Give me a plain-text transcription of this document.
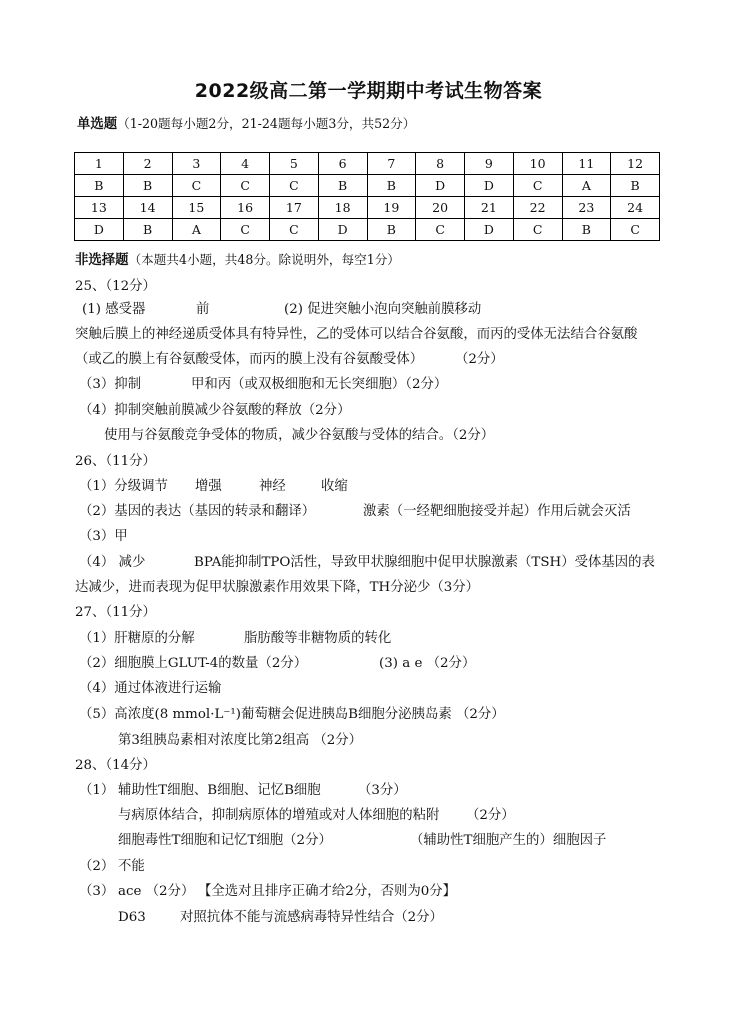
2022级高二第一学期期中考试生物答案
单选题（1-20题每小题2分，21-24题每小题3分，共52分）
1	2	3	4	5	6	7	8	9	10	11	12
B	B	C	C	C	B	B	D	D	C	A	B
13	14	15	16	17	18	19	20	21	22	23	24
D	B	A	C	C	D	B	C	D	C	B	C
非选择题（本题共4小题，共48分。除说明外，每空1分）
25、（12分）
(1) 感受器	前	(2) 促进突触小泡向突触前膜移动
突触后膜上的神经递质受体具有特异性，乙的受体可以结合谷氨酸，而丙的受体无法结合谷氨酸
（或乙的膜上有谷氨酸受体，而丙的膜上没有谷氨酸受体） （2分）
（3）抑制	甲和丙（或双极细胞和无长突细胞）（2分）
（4）抑制突触前膜减少谷氨酸的释放（2分）
使用与谷氨酸竞争受体的物质，减少谷氨酸与受体的结合。（2分）
26、（11分）
（1）分级调节 增强	神经	收缩
（2）基因的表达（基因的转录和翻译）	激素（一经靶细胞接受并起）作用后就会灭活
（3）甲
（4） 减少	BPA能抑制TPO活性，导致甲状腺细胞中促甲状腺激素（TSH）受体基因的表
达减少，进而表现为促甲状腺激素作用效果下降，TH分泌少（3分）
27、（11分）
（1）肝糖原的分解	脂肪酸等非糖物质的转化
（2）细胞膜上GLUT-4的数量（2分）	(3) a e （2分）
（4）通过体液进行运输
（5）高浓度(8 mmol·L⁻¹)葡萄糖会促进胰岛B细胞分泌胰岛素 （2分）
第3组胰岛素相对浓度比第2组高 （2分）
28、（14分）
（1） 辅助性T细胞、B细胞、记忆B细胞	（3分）
与病原体结合，抑制病原体的增殖或对人体细胞的粘附 （2分）
细胞毒性T细胞和记忆T细胞（2分）	（辅助性T细胞产生的）细胞因子
（2） 不能
（3） ace （2分） 【全选对且排序正确才给2分，否则为0分】
D63	对照抗体不能与流感病毒特异性结合（2分）
